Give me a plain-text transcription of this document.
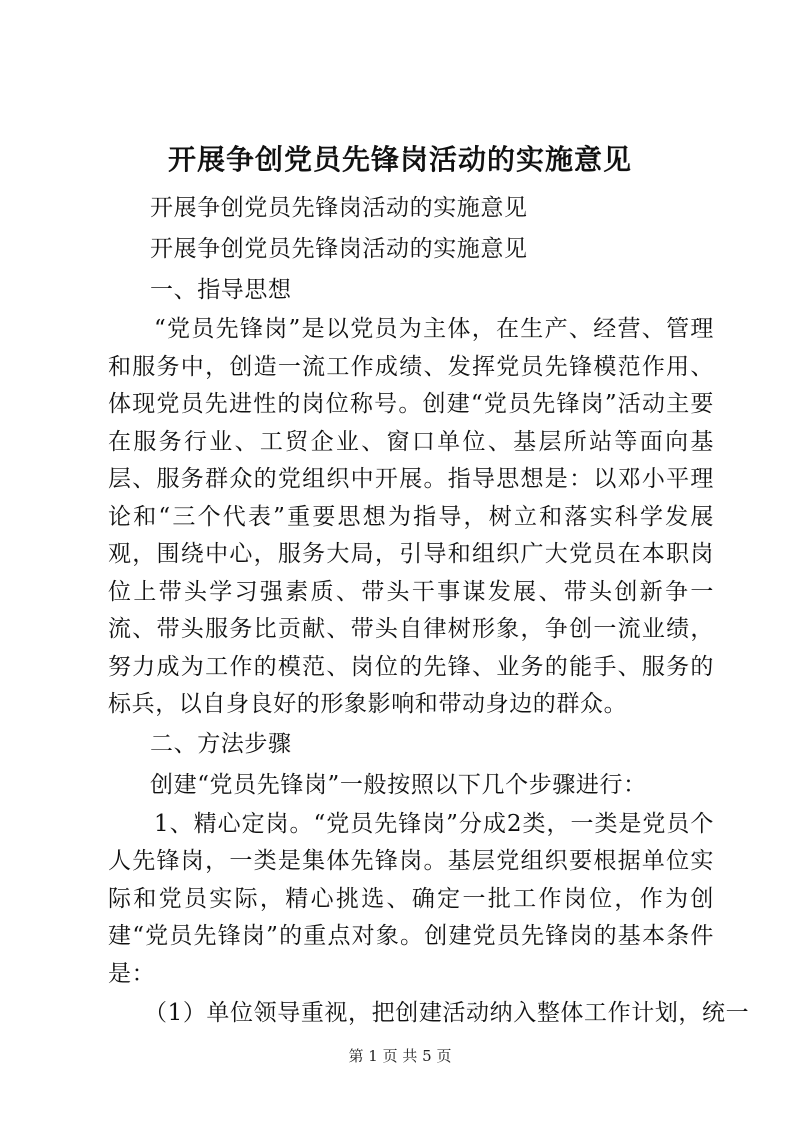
开展争创党员先锋岗活动的实施意见

开展争创党员先锋岗活动的实施意见

开展争创党员先锋岗活动的实施意见

一、指导思想

“党员先锋岗”是以党员为主体，在生产、经营、管理和服务中，创造一流工作成绩、发挥党员先锋模范作用、体现党员先进性的岗位称号。创建“党员先锋岗”活动主要在服务行业、工贸企业、窗口单位、基层所站等面向基层、服务群众的党组织中开展。指导思想是：以邓小平理论和“三个代表”重要思想为指导，树立和落实科学发展观，围绕中心，服务大局，引导和组织广大党员在本职岗位上带头学习强素质、带头干事谋发展、带头创新争一流、带头服务比贡献、带头自律树形象，争创一流业绩，努力成为工作的模范、岗位的先锋、业务的能手、服务的标兵，以自身良好的形象影响和带动身边的群众。

二、方法步骤

创建“党员先锋岗”一般按照以下几个步骤进行：

1、精心定岗。“党员先锋岗”分成2类，一类是党员个人先锋岗，一类是集体先锋岗。基层党组织要根据单位实际和党员实际，精心挑选、确定一批工作岗位，作为创建“党员先锋岗”的重点对象。创建党员先锋岗的基本条件是：

（1）单位领导重视，把创建活动纳入整体工作计划，统一

第 1 页 共 5 页
